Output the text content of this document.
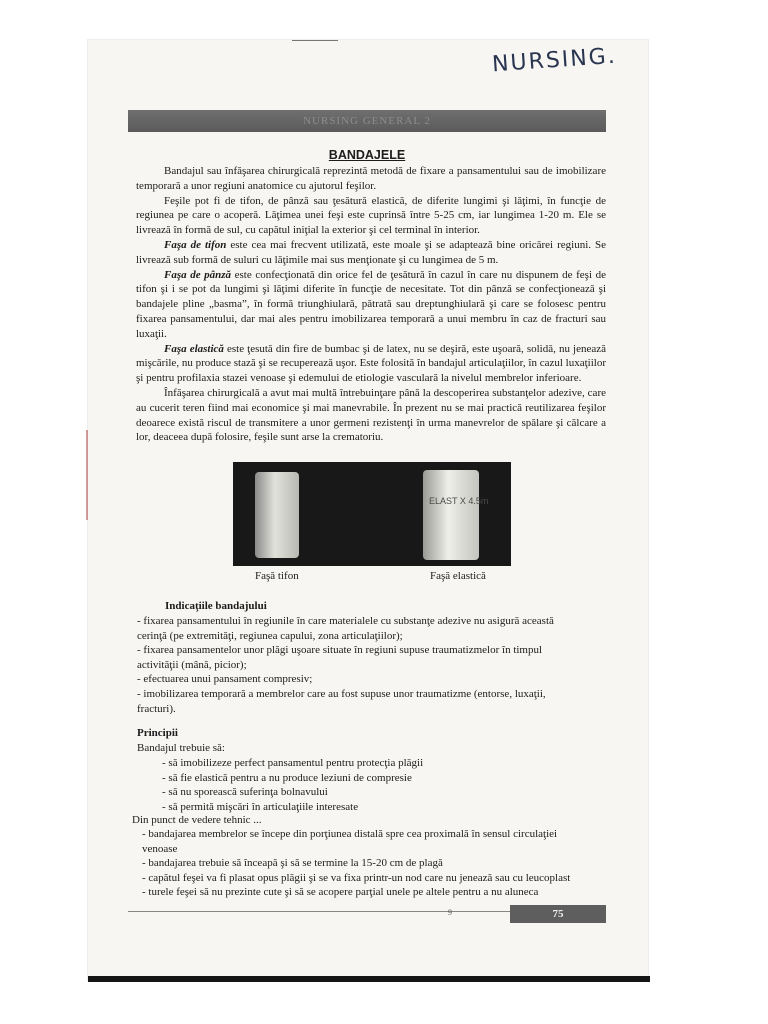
NURSING.
NURSING GENERAL 2
BANDAJELE

Bandajul sau înfăşarea chirurgicală reprezintă metodă de fixare a pansamentului sau de imobilizare temporară a unor regiuni anatomice cu ajutorul feşilor.

Feşile pot fi de tifon, de pânză sau ţesătură elastică, de diferite lungimi şi lăţimi, în funcţie de regiunea pe care o acoperă. Lăţimea unei feşi este cuprinsă între 5-25 cm, iar lungimea 1-20 m. Ele se livrează în formă de sul, cu capătul iniţial la exterior şi cel terminal în interior.

Faşa de tifon este cea mai frecvent utilizată, este moale şi se adaptează bine oricărei regiuni. Se livrează sub formă de suluri cu lăţimile mai sus menţionate şi cu lungimea de 5 m.

Faşa de pânză este confecţionată din orice fel de ţesătură în cazul în care nu dispunem de feşi de tifon şi i se pot da lungimi şi lăţimi diferite în funcţie de necesitate. Tot din pânză se confecţionează şi bandajele pline „basma”, în formă triunghiulară, pătrată sau dreptunghiulară şi care se folosesc pentru fixarea pansamentului, dar mai ales pentru imobilizarea temporară a unui membru în caz de fracturi sau luxaţii.

Faşa elastică este ţesută din fire de bumbac şi de latex, nu se deşiră, este uşoară, solidă, nu jenează mişcările, nu produce stază şi se recuperează uşor. Este folosită în bandajul articulaţiilor, în cazul luxaţiilor şi pentru profilaxia stazei venoase şi edemului de etiologie vasculară la nivelul membrelor inferioare.

Înfăşarea chirurgicală a avut mai multă întrebuinţare până la descoperirea substanţelor adezive, care au cucerit teren fiind mai economice şi mai manevrabile. În prezent nu se mai practică reutilizarea feşilor deoarece există riscul de transmitere a unor germeni rezistenţi în urma manevrelor de spălare şi călcare a lor, deaceea după folosire, feşile sunt arse la crematoriu.

ELAST X 4.5m
Faşă tifon	Faşă elastică
Indicaţiile bandajului
- fixarea pansamentului în regiunile în care materialele cu substanţe adezive nu asigură această
cerinţă (pe extremităţi, regiunea capului, zona articulaţiilor);
- fixarea pansamentelor unor plăgi uşoare situate în regiuni supuse traumatizmelor în timpul
activităţii (mână, picior);
- efectuarea unui pansament compresiv;
- imobilizarea temporară a membrelor care au fost supuse unor traumatizme (entorse, luxaţii,
fracturi).
Principii
Bandajul trebuie să:
- să imobilizeze perfect pansamentul pentru protecţia plăgii
- să fie elastică pentru a nu produce leziuni de compresie
- să nu sporească suferinţa bolnavului
- să permită mişcări în articulaţiile interesate
Din punct de vedere tehnic ...
- bandajarea membrelor se începe din porţiunea distală spre cea proximală în sensul circulaţiei
venoase
- bandajarea trebuie să înceapă şi să se termine la 15-20 cm de plagă
- capătul feşei va fi plasat opus plăgii şi se va fixa printr-un nod care nu jenează sau cu leucoplast
- turele feşei să nu prezinte cute şi să se acopere parţial unele pe altele pentru a nu aluneca
9	75
